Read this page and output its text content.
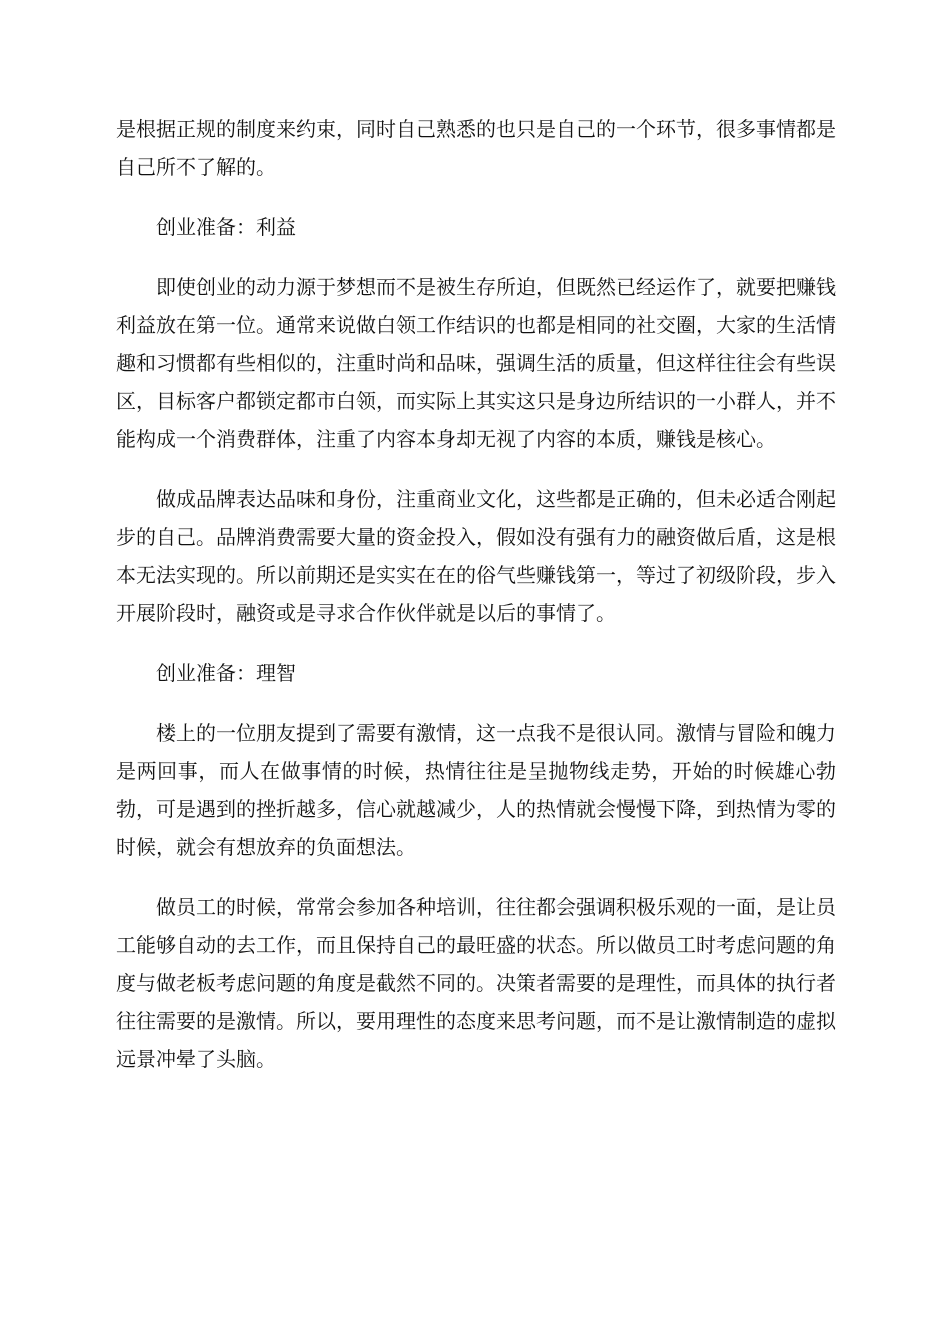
是根据正规的制度来约束，同时自己熟悉的也只是自己的一个环节，很多事情都是自己所不了解的。

创业准备：利益

即使创业的动力源于梦想而不是被生存所迫，但既然已经运作了，就要把赚钱利益放在第一位。通常来说做白领工作结识的也都是相同的社交圈，大家的生活情趣和习惯都有些相似的，注重时尚和品味，强调生活的质量，但这样往往会有些误区，目标客户都锁定都市白领，而实际上其实这只是身边所结识的一小群人，并不能构成一个消费群体，注重了内容本身却无视了内容的本质，赚钱是核心。

做成品牌表达品味和身份，注重商业文化，这些都是正确的，但未必适合刚起步的自己。品牌消费需要大量的资金投入，假如没有强有力的融资做后盾，这是根本无法实现的。所以前期还是实实在在的俗气些赚钱第一，等过了初级阶段，步入开展阶段时，融资或是寻求合作伙伴就是以后的事情了。

创业准备：理智

楼上的一位朋友提到了需要有激情，这一点我不是很认同。激情与冒险和魄力是两回事，而人在做事情的时候，热情往往是呈抛物线走势，开始的时候雄心勃勃，可是遇到的挫折越多，信心就越减少，人的热情就会慢慢下降，到热情为零的时候，就会有想放弃的负面想法。

做员工的时候，常常会参加各种培训，往往都会强调积极乐观的一面，是让员工能够自动的去工作，而且保持自己的最旺盛的状态。所以做员工时考虑问题的角度与做老板考虑问题的角度是截然不同的。决策者需要的是理性，而具体的执行者往往需要的是激情。所以，要用理性的态度来思考问题，而不是让激情制造的虚拟远景冲晕了头脑。
